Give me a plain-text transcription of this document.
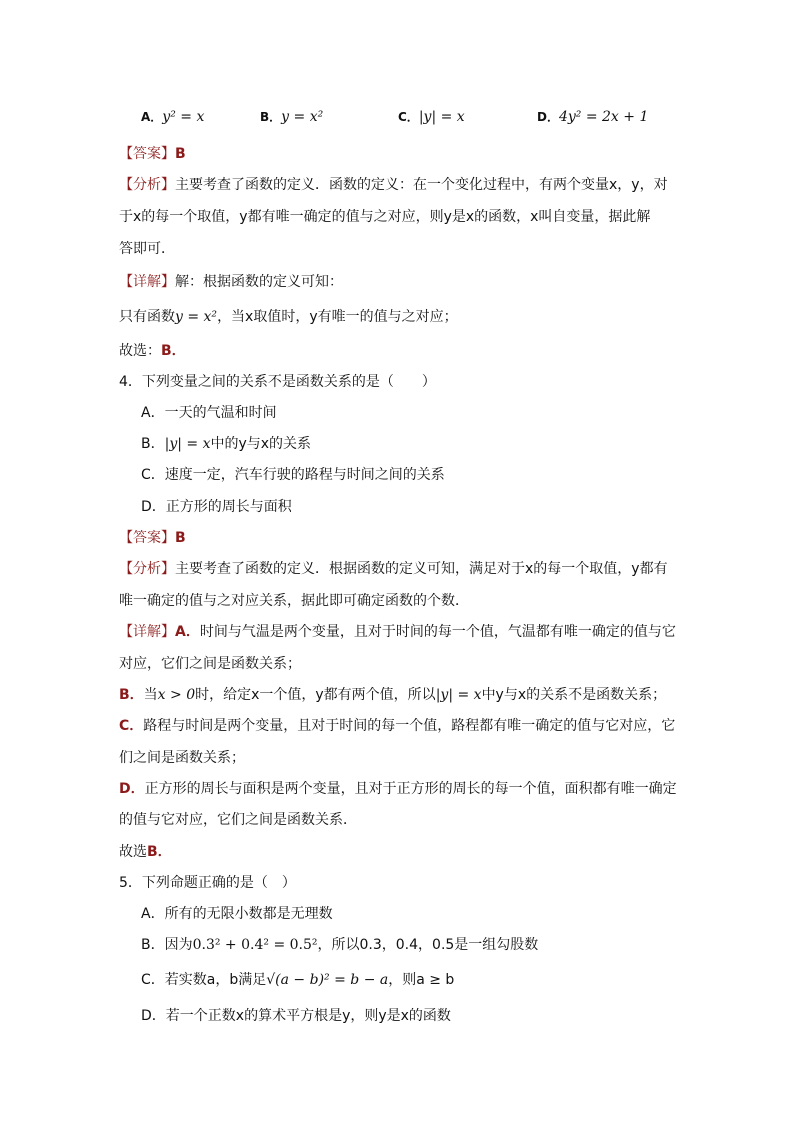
A．y² = x	B．y = x²	C．|y| = x	D．4y² = 2x + 1
【答案】B
【分析】主要考查了函数的定义．函数的定义：在一个变化过程中，有两个变量x，y，对
于x的每一个取值，y都有唯一确定的值与之对应，则y是x的函数，x叫自变量，据此解
答即可．
【详解】解：根据函数的定义可知：
只有函数y = x²，当x取值时，y有唯一的值与之对应；
故选：B．
4．下列变量之间的关系不是函数关系的是（　　）
A．一天的气温和时间
B．|y| = x中的y与x的关系
C．速度一定，汽车行驶的路程与时间之间的关系
D．正方形的周长与面积
【答案】B
【分析】主要考查了函数的定义．根据函数的定义可知，满足对于x的每一个取值，y都有
唯一确定的值与之对应关系，据此即可确定函数的个数．
【详解】A．时间与气温是两个变量，且对于时间的每一个值，气温都有唯一确定的值与它
对应，它们之间是函数关系；
B．当x > 0时，给定x一个值，y都有两个值，所以|y| = x中y与x的关系不是函数关系；
C．路程与时间是两个变量，且对于时间的每一个值，路程都有唯一确定的值与它对应，它
们之间是函数关系；
D．正方形的周长与面积是两个变量，且对于正方形的周长的每一个值，面积都有唯一确定
的值与它对应，它们之间是函数关系．
故选B．
5．下列命题正确的是（　）
A．所有的无限小数都是无理数
B．因为0.3² + 0.4² = 0.5²，所以0.3，0.4，0.5是一组勾股数
C．若实数a，b满足√(a − b)² = b − a，则a ≥ b
D．若一个正数x的算术平方根是y，则y是x的函数
